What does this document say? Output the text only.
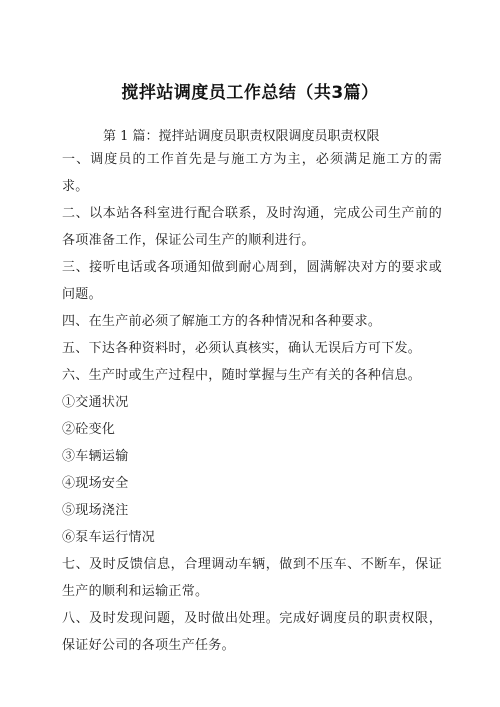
搅拌站调度员工作总结（共3篇）
第 1 篇：搅拌站调度员职责权限调度员职责权限

一、调度员的工作首先是与施工方为主，必须满足施工方的需求。

二、以本站各科室进行配合联系，及时沟通，完成公司生产前的各项准备工作，保证公司生产的顺利进行。

三、接听电话或各项通知做到耐心周到，圆满解决对方的要求或问题。

四、在生产前必须了解施工方的各种情况和各种要求。

五、下达各种资料时，必须认真核实，确认无误后方可下发。

六、生产时或生产过程中，随时掌握与生产有关的各种信息。

①交通状况

②砼变化

③车辆运输

④现场安全

⑤现场浇注

⑥泵车运行情况

七、及时反馈信息，合理调动车辆，做到不压车、不断车，保证生产的顺利和运输正常。

八、及时发现问题，及时做出处理。完成好调度员的职责权限，保证好公司的各项生产任务。
